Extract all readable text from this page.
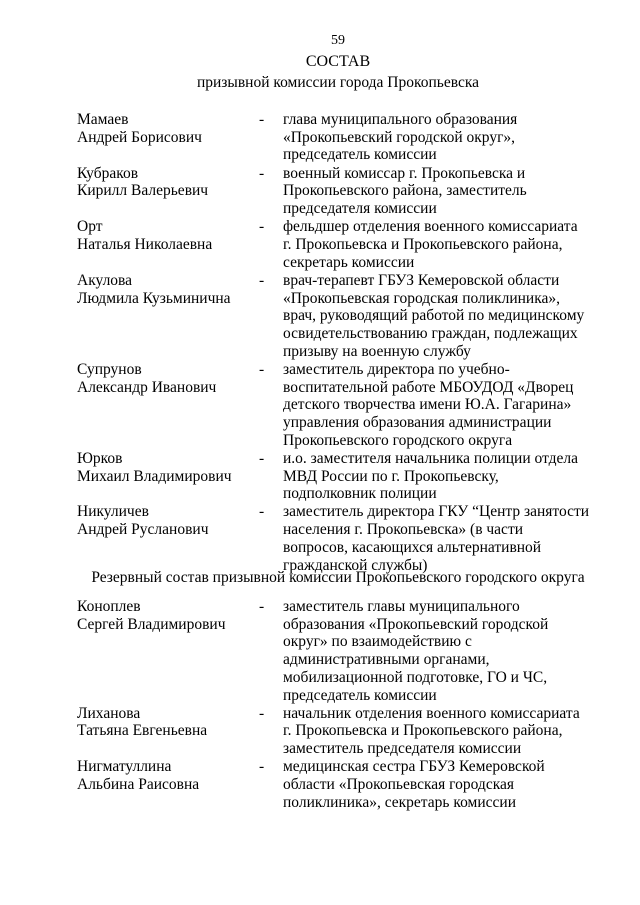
59
СОСТАВ
призывной комиссии города Прокопьевска
Мамаев
Андрей Борисович
-	глава муниципального образования
«Прокопьевский городской округ»,
председатель комиссии
Кубраков
Кирилл Валерьевич
-	военный комиссар г. Прокопьевска и
Прокопьевского района, заместитель
председателя комиссии
Орт
Наталья Николаевна
-	фельдшер отделения военного комиссариата
г. Прокопьевска и Прокопьевского района,
секретарь комиссии
Акулова
Людмила Кузьминична
-	врач-терапевт ГБУЗ Кемеровской области
«Прокопьевская городская поликлиника»,
врач, руководящий работой по медицинскому
освидетельствованию граждан, подлежащих
призыву на военную службу
Супрунов
Александр Иванович
-	заместитель директора по учебно-
воспитательной работе МБОУДОД «Дворец
детского творчества имени Ю.А. Гагарина»
управления образования администрации
Прокопьевского городского округа
Юрков
Михаил Владимирович
-	и.о. заместителя начальника полиции отдела
МВД России по г. Прокопьевску,
подполковник полиции
Никуличев
Андрей Русланович
-	заместитель директора ГКУ “Центр занятости
населения г. Прокопьевска» (в части
вопросов, касающихся альтернативной
гражданской службы)
Резервный состав призывной комиссии Прокопьевского городского округа
Коноплев
Сергей Владимирович
-	заместитель главы муниципального
образования «Прокопьевский городской
округ» по взаимодействию с
административными органами,
мобилизационной подготовке, ГО и ЧС,
председатель комиссии
Лиханова
Татьяна Евгеньевна
-	начальник отделения военного комиссариата
г. Прокопьевска и Прокопьевского района,
заместитель председателя комиссии
Нигматуллина
Альбина Раисовна
-	медицинская сестра ГБУЗ Кемеровской
области «Прокопьевская городская
поликлиника», секретарь комиссии
